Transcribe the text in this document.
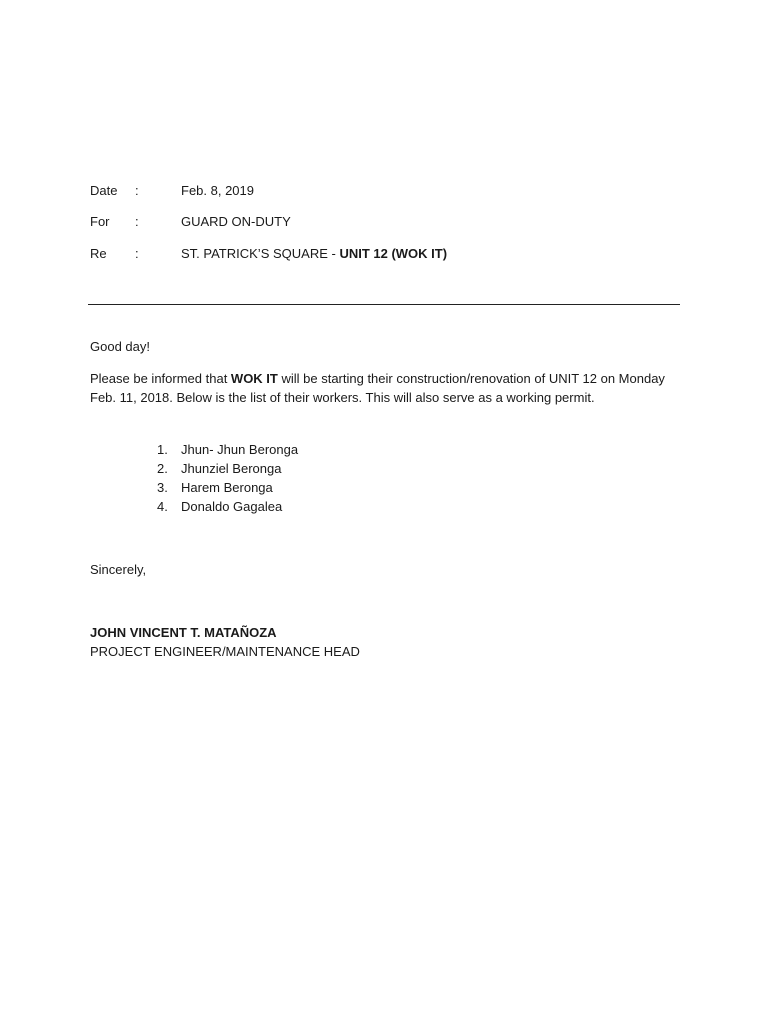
Date :	Feb. 8, 2019
For :	GUARD ON-DUTY
Re :	ST. PATRICK’S SQUARE - UNIT 12 (WOK IT)
Good day!
Please be informed that WOK IT will be starting their construction/renovation of UNIT 12 on Monday Feb. 11, 2018. Below is the list of their workers. This will also serve as a working permit.
1. Jhun- Jhun Beronga
2. Jhunziel Beronga
3. Harem Beronga
4. Donaldo Gagalea
Sincerely,
JOHN VINCENT T. MATAÑOZA
PROJECT ENGINEER/MAINTENANCE HEAD
